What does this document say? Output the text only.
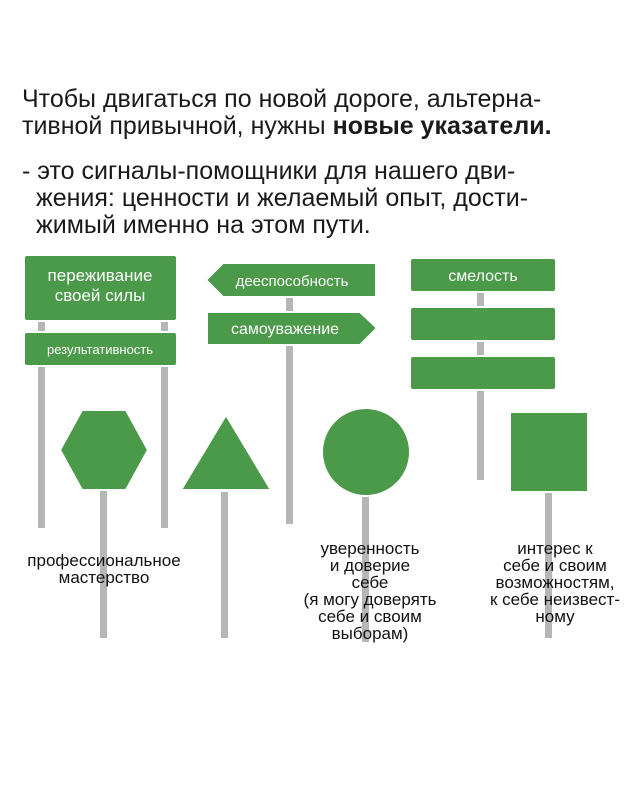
Чтобы двигаться по новой дороге, альтерна-
тивной привычной, нужны новые указатели.

- это сигналы-помощники для нашего дви-
жения: ценности и желаемый опыт, дости-
жимый именно на этом пути.

переживание
своей силы
результативность
дееспособность
самоуважение
смелость

профессиональное
мастерство

уверенность
и доверие
себе
(я могу доверять
себе и своим
выборам)

интерес к
себе и своим
возможностям,
к себе неизвест-
ному
